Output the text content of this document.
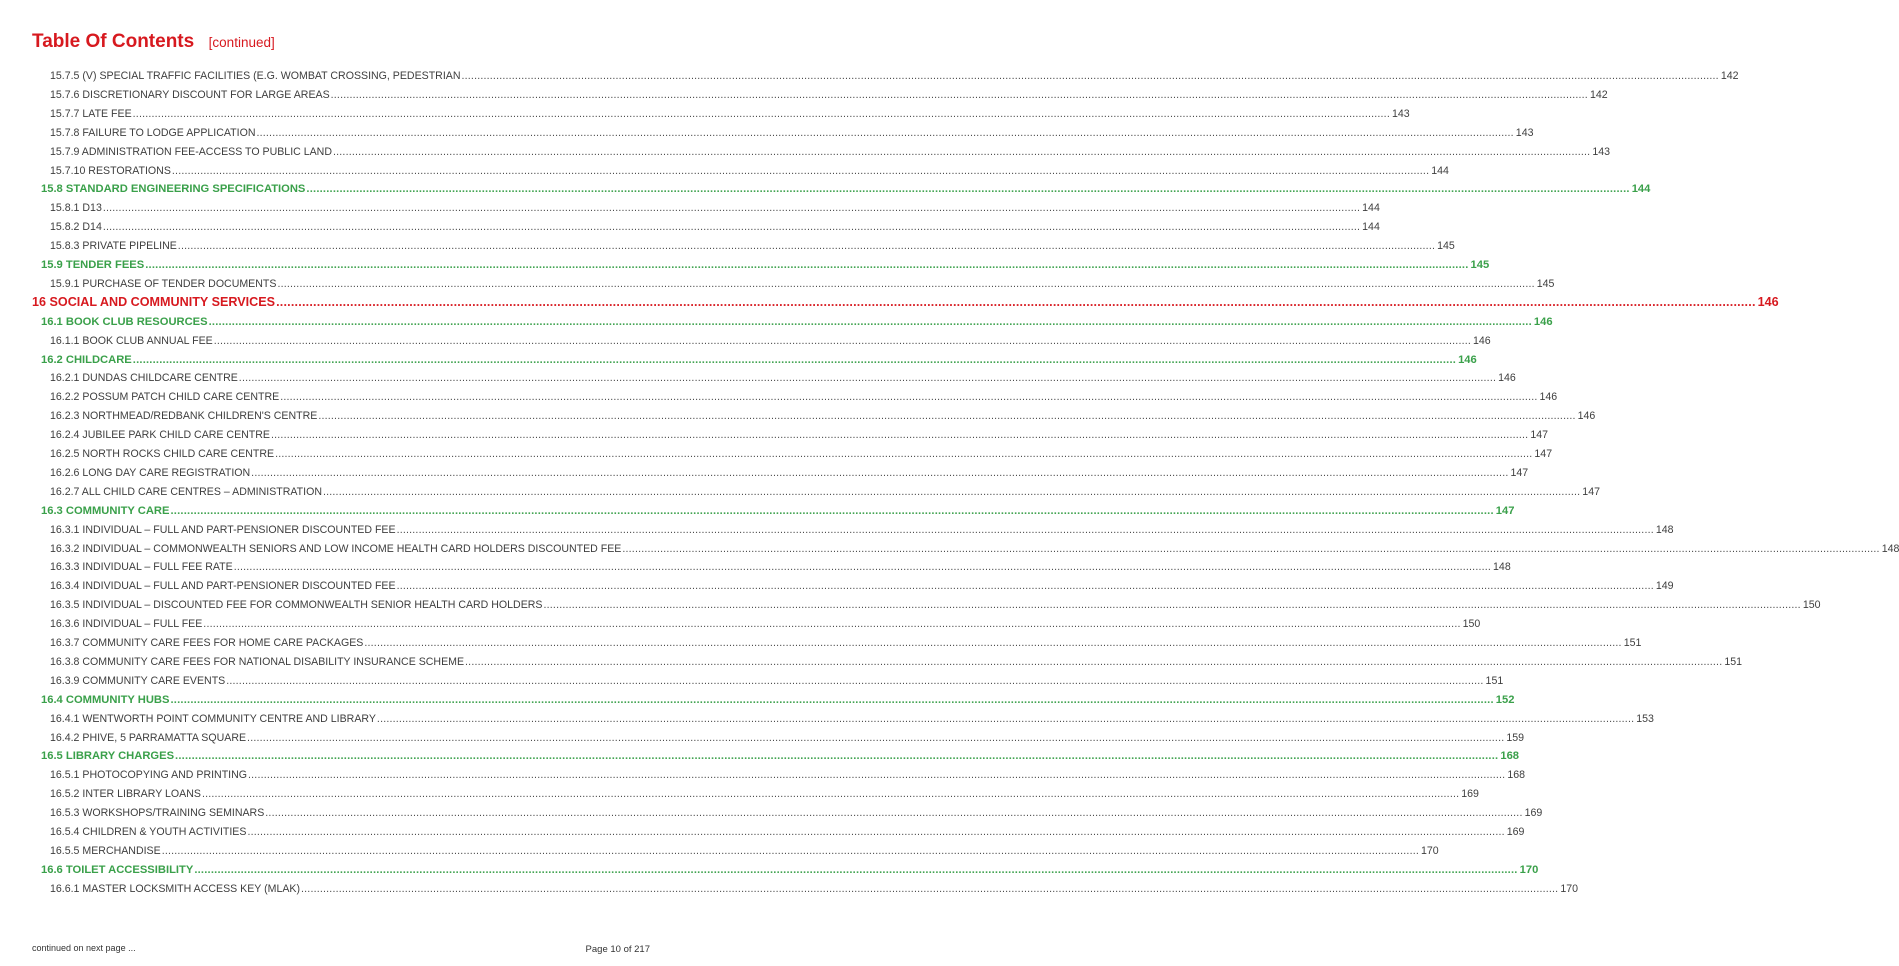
Table Of Contents [continued]
15.7.5 (V) SPECIAL TRAFFIC FACILITIES (E.G. WOMBAT CROSSING, PEDESTRIAN ................................................................................................................................................................................................................................................................................................................................................................................................................ 142
15.7.6 DISCRETIONARY DISCOUNT FOR LARGE AREAS ................................................................................................................................................................................................................................................................................................................................................................................................................ 142
15.7.7 LATE FEE ................................................................................................................................................................................................................................................................................................................................................................................................................ 143
15.7.8 FAILURE TO LODGE APPLICATION ................................................................................................................................................................................................................................................................................................................................................................................................................ 143
15.7.9 ADMINISTRATION FEE-ACCESS TO PUBLIC LAND ................................................................................................................................................................................................................................................................................................................................................................................................................ 143
15.7.10 RESTORATIONS ................................................................................................................................................................................................................................................................................................................................................................................................................ 144
15.8 STANDARD ENGINEERING SPECIFICATIONS ................................................................................................................................................................................................................................................................................................................................................................................................................ 144
15.8.1 D13 ................................................................................................................................................................................................................................................................................................................................................................................................................ 144
15.8.2 D14 ................................................................................................................................................................................................................................................................................................................................................................................................................ 144
15.8.3 PRIVATE PIPELINE ................................................................................................................................................................................................................................................................................................................................................................................................................ 145
15.9 TENDER FEES ................................................................................................................................................................................................................................................................................................................................................................................................................ 145
15.9.1 PURCHASE OF TENDER DOCUMENTS ................................................................................................................................................................................................................................................................................................................................................................................................................ 145
16 SOCIAL AND COMMUNITY SERVICES ................................................................................................................................................................................................................................................................................................................................................................................................................ 146
16.1 BOOK CLUB RESOURCES ................................................................................................................................................................................................................................................................................................................................................................................................................ 146
16.1.1 BOOK CLUB ANNUAL FEE ................................................................................................................................................................................................................................................................................................................................................................................................................ 146
16.2 CHILDCARE ................................................................................................................................................................................................................................................................................................................................................................................................................ 146
16.2.1 DUNDAS CHILDCARE CENTRE ................................................................................................................................................................................................................................................................................................................................................................................................................ 146
16.2.2 POSSUM PATCH CHILD CARE CENTRE ................................................................................................................................................................................................................................................................................................................................................................................................................ 146
16.2.3 NORTHMEAD/REDBANK CHILDREN'S CENTRE ................................................................................................................................................................................................................................................................................................................................................................................................................ 146
16.2.4 JUBILEE PARK CHILD CARE CENTRE ................................................................................................................................................................................................................................................................................................................................................................................................................ 147
16.2.5 NORTH ROCKS CHILD CARE CENTRE ................................................................................................................................................................................................................................................................................................................................................................................................................ 147
16.2.6 LONG DAY CARE REGISTRATION ................................................................................................................................................................................................................................................................................................................................................................................................................ 147
16.2.7 ALL CHILD CARE CENTRES – ADMINISTRATION ................................................................................................................................................................................................................................................................................................................................................................................................................ 147
16.3 COMMUNITY CARE ................................................................................................................................................................................................................................................................................................................................................................................................................ 147
16.3.1 INDIVIDUAL – FULL AND PART-PENSIONER DISCOUNTED FEE ................................................................................................................................................................................................................................................................................................................................................................................................................ 148
16.3.2 INDIVIDUAL – COMMONWEALTH SENIORS AND LOW INCOME HEALTH CARD HOLDERS DISCOUNTED FEE ................................................................................................................................................................................................................................................................................................................................................................................................................ 148
16.3.3 INDIVIDUAL – FULL FEE RATE ................................................................................................................................................................................................................................................................................................................................................................................................................ 148
16.3.4 INDIVIDUAL – FULL AND PART-PENSIONER DISCOUNTED FEE ................................................................................................................................................................................................................................................................................................................................................................................................................ 149
16.3.5 INDIVIDUAL – DISCOUNTED FEE FOR COMMONWEALTH SENIOR HEALTH CARD HOLDERS ................................................................................................................................................................................................................................................................................................................................................................................................................ 150
16.3.6 INDIVIDUAL – FULL FEE ................................................................................................................................................................................................................................................................................................................................................................................................................ 150
16.3.7 COMMUNITY CARE FEES FOR HOME CARE PACKAGES ................................................................................................................................................................................................................................................................................................................................................................................................................ 151
16.3.8 COMMUNITY CARE FEES FOR NATIONAL DISABILITY INSURANCE SCHEME ................................................................................................................................................................................................................................................................................................................................................................................................................ 151
16.3.9 COMMUNITY CARE EVENTS ................................................................................................................................................................................................................................................................................................................................................................................................................ 151
16.4 COMMUNITY HUBS ................................................................................................................................................................................................................................................................................................................................................................................................................ 152
16.4.1 WENTWORTH POINT COMMUNITY CENTRE AND LIBRARY ................................................................................................................................................................................................................................................................................................................................................................................................................ 153
16.4.2 PHIVE, 5 PARRAMATTA SQUARE ................................................................................................................................................................................................................................................................................................................................................................................................................ 159
16.5 LIBRARY CHARGES ................................................................................................................................................................................................................................................................................................................................................................................................................ 168
16.5.1 PHOTOCOPYING AND PRINTING ................................................................................................................................................................................................................................................................................................................................................................................................................ 168
16.5.2 INTER LIBRARY LOANS ................................................................................................................................................................................................................................................................................................................................................................................................................ 169
16.5.3 WORKSHOPS/TRAINING SEMINARS ................................................................................................................................................................................................................................................................................................................................................................................................................ 169
16.5.4 CHILDREN & YOUTH ACTIVITIES ................................................................................................................................................................................................................................................................................................................................................................................................................ 169
16.5.5 MERCHANDISE ................................................................................................................................................................................................................................................................................................................................................................................................................ 170
16.6 TOILET ACCESSIBILITY ................................................................................................................................................................................................................................................................................................................................................................................................................ 170
16.6.1 MASTER LOCKSMITH ACCESS KEY (MLAK) ................................................................................................................................................................................................................................................................................................................................................................................................................ 170
continued on next page ...	Page 10 of 217
